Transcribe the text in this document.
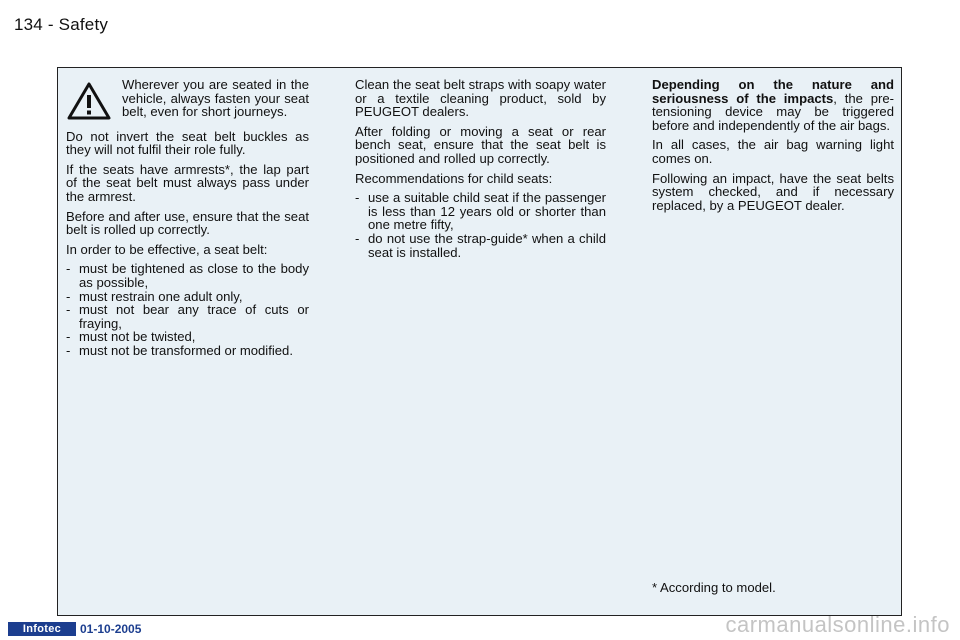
134 - Safety
Wherever you are seated in the vehicle, always fasten your seat belt, even for short journeys.

Do not invert the seat belt buckles as they will not fulfil their role fully.

If the seats have armrests*, the lap part of the seat belt must always pass under the armrest.

Before and after use, ensure that the seat belt is rolled up correctly.

In order to be effective, a seat belt:

- must be tightened as close to the body as possible,
- must restrain one adult only,
- must not bear any trace of cuts or fraying,
- must not be twisted,
- must not be transformed or modified.

Clean the seat belt straps with soapy water or a textile cleaning product, sold by PEUGEOT dealers.

After folding or moving a seat or rear bench seat, ensure that the seat belt is positioned and rolled up correctly.

Recommendations for child seats:

- use a suitable child seat if the passenger is less than 12 years old or shorter than one metre fifty,
- do not use the strap-guide* when a child seat is installed.

Depending on the nature and seriousness of the impacts, the pre-tensioning device may be triggered before and independently of the air bags.

In all cases, the air bag warning light comes on.

Following an impact, have the seat belts system checked, and if necessary replaced, by a PEUGEOT dealer.

* According to model.
Infotec	01-10-2005	carmanualsonline.info
